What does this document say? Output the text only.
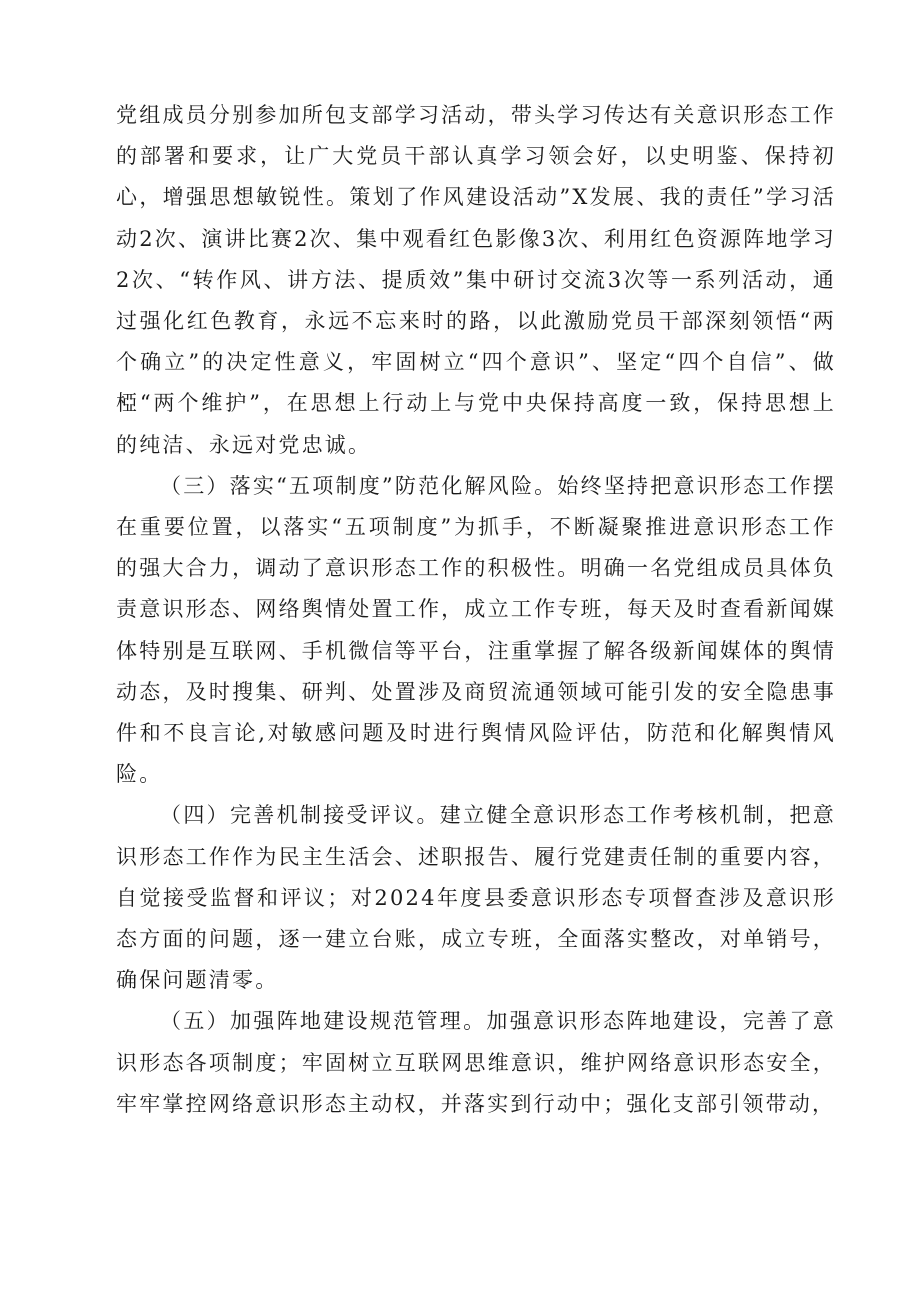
党组成员分别参加所包支部学习活动，带头学习传达有关意识形态工作的部署和要求，让广大党员干部认真学习领会好，以史明鉴、保持初心，增强思想敏锐性。策划了作风建设活动”X发展、我的责任”学习活动2次、演讲比赛2次、集中观看红色影像3次、利用红色资源阵地学习2次、“转作风、讲方法、提质效”集中研讨交流3次等一系列活动，通过强化红色教育，永远不忘来时的路，以此激励党员干部深刻领悟“两个确立”的决定性意义，牢固树立“四个意识”、坚定“四个自信”、做椏“两个维护”，在思想上行动上与党中央保持高度一致，保持思想上的纯洁、永远对党忠诚。

（三）落实“五项制度”防范化解风险。始终坚持把意识形态工作摆在重要位置，以落实“五项制度”为抓手，不断凝聚推进意识形态工作的强大合力，调动了意识形态工作的积极性。明确一名党组成员具体负责意识形态、网络舆情处置工作，成立工作专班，每天及时查看新闻媒体特别是互联网、手机微信等平台，注重掌握了解各级新闻媒体的舆情动态，及时搜集、研判、处置涉及商贸流通领域可能引发的安全隐患事件和不良言论,对敏感问题及时进行舆情风险评估，防范和化解舆情风险。

（四）完善机制接受评议。建立健全意识形态工作考核机制，把意识形态工作作为民主生活会、述职报告、履行党建责任制的重要内容，自觉接受监督和评议；对2024年度县委意识形态专项督查涉及意识形态方面的问题，逐一建立台账，成立专班，全面落实整改，对单销号，确保问题清零。

（五）加强阵地建设规范管理。加强意识形态阵地建设，完善了意识形态各项制度；牢固树立互联网思维意识，维护网络意识形态安全，牢牢掌控网络意识形态主动权，并落实到行动中；强化支部引领带动，
